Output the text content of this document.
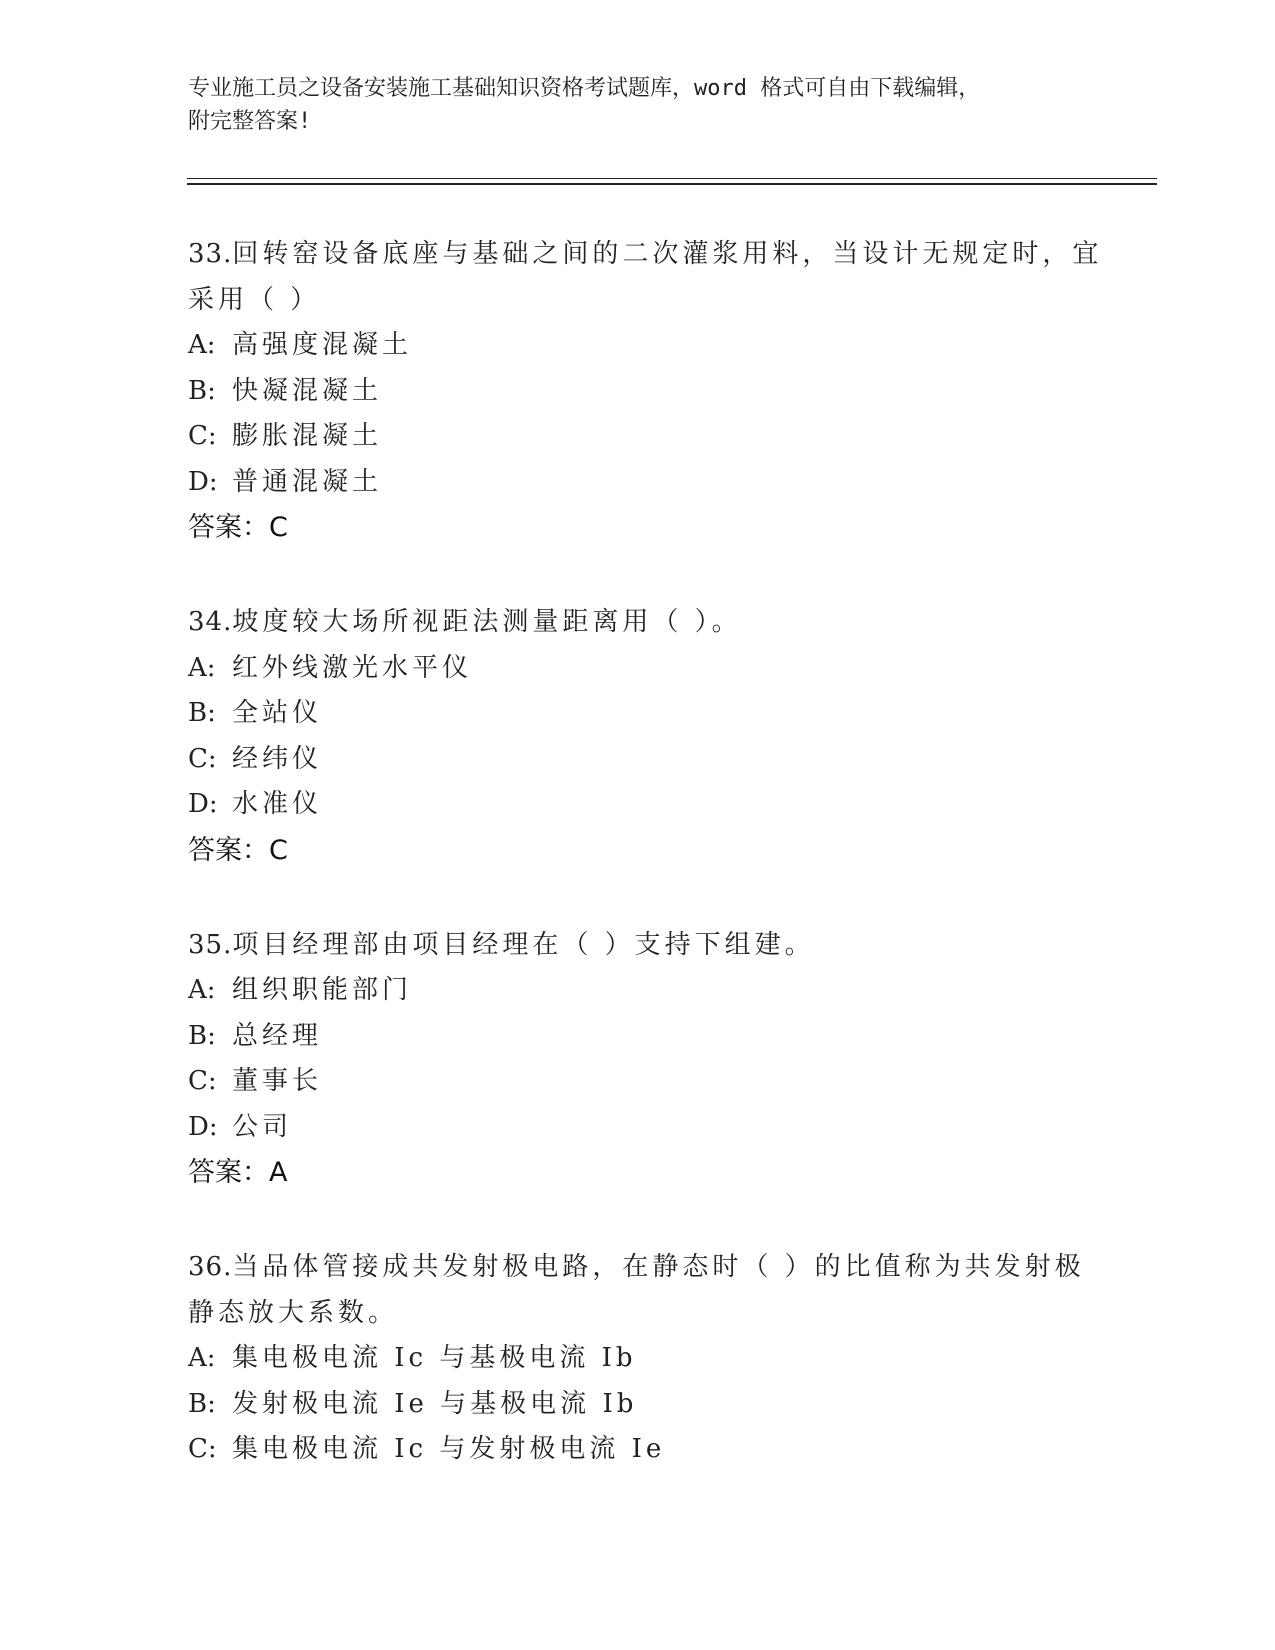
专业施工员之设备安装施工基础知识资格考试题库，word 格式可自由下载编辑，
附完整答案!
33.回转窑设备底座与基础之间的二次灌浆用料，当设计无规定时，宜
采用（ ）
A: 高强度混凝土
B: 快凝混凝土
C: 膨胀混凝土
D: 普通混凝土
答案：C
34.坡度较大场所视距法测量距离用（ ）。
A: 红外线激光水平仪
B: 全站仪
C: 经纬仪
D: 水准仪
答案：C
35.项目经理部由项目经理在（ ）支持下组建。
A: 组织职能部门
B: 总经理
C: 董事长
D: 公司
答案：A
36.当品体管接成共发射极电路，在静态时（ ）的比值称为共发射极
静态放大系数。
A: 集电极电流 Ic 与基极电流 Ib
B: 发射极电流 Ie 与基极电流 Ib
C: 集电极电流 Ic 与发射极电流 Ie
